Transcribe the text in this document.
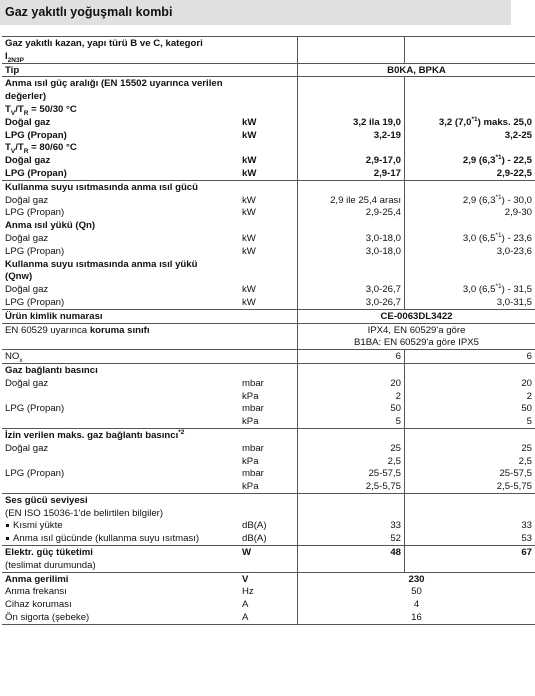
Gaz yakıtlı yoğuşmalı kombi
Gaz yakıtlı kazan, yapı türü B ve C, kategori			
$I_{2N3P}$			
Tip		B0KA, BPKA	
Anma ısıl güç aralığı (EN 15502 uyarınca verilen			
değerler)			
$T_V/T_R = 50/30$ °C			
Doğal gaz	kW	3,2 ila 19,0	3,2 (7,0$^{*1}$) maks. 25,0
LPG (Propan)	kW	3,2-19	3,2-25
$T_V/T_R = 80/60$ °C			
Doğal gaz	kW	2,9-17,0	2,9 (6,3$^{*1}$) - 22,5
LPG (Propan)	kW	2,9-17	2,9-22,5
Kullanma suyu ısıtmasında anma ısıl gücü			
Doğal gaz	kW	2,9 ile 25,4 arası	2,9 (6,3$^{*1}$) - 30,0
LPG (Propan)	kW	2,9-25,4	2,9-30
Anma ısıl yükü (Qn)			
Doğal gaz	kW	3,0-18,0	3,0 (6,5$^{*1}$) - 23,6
LPG (Propan)	kW	3,0-18,0	3,0-23,6
Kullanma suyu ısıtmasında anma ısıl yükü			
(Qnw)			
Doğal gaz	kW	3,0-26,7	3,0 (6,5$^{*1}$) - 31,5
LPG (Propan)	kW	3,0-26,7	3,0-31,5
Ürün kimlik numarası		CE-0063DL3422	
EN 60529 uyarınca koruma sınıfı		IPX4, EN 60529'a göre	
		B1BA: EN 60529'a göre IPX5	
$NO_x$		6	6
Gaz bağlantı basıncı			
Doğal gaz	mbar	20	20
	kPa	2	2
LPG (Propan)	mbar	50	50
	kPa	5	5
İzin verilen maks. gaz bağlantı basıncı$^{*2}$			
Doğal gaz	mbar	25	25
	kPa	2,5	2,5
LPG (Propan)	mbar	25-57,5	25-57,5
	kPa	2,5-5,75	2,5-5,75
Ses gücü seviyesi			
(EN ISO 15036-1'de belirtilen bilgiler)			
Kısmi yükte	dB(A)	33	33
Anma ısıl gücünde (kullanma suyu ısıtması)	dB(A)	52	53
Elektr. güç tüketimi	W	48	67
(teslimat durumunda)			
Anma gerilimi	V	230	
Anma frekansı	Hz	50	
Cihaz koruması	A	4	
Ön sigorta (şebeke)	A	16	
